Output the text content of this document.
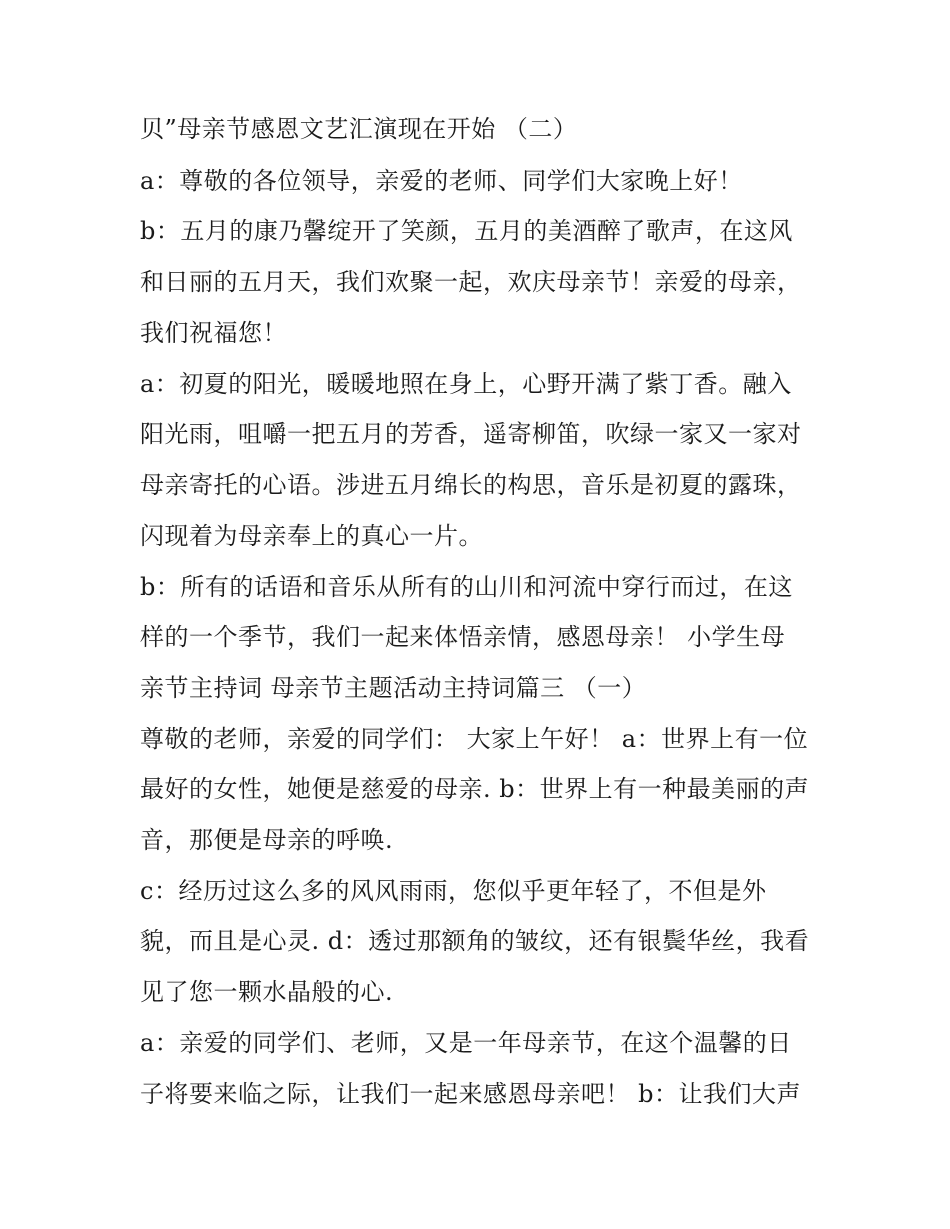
贝”母亲节感恩文艺汇演现在开始 （二）
a：尊敬的各位领导，亲爱的老师、同学们大家晚上好！
b：五月的康乃馨绽开了笑颜，五月的美酒醉了歌声，在这风
和日丽的五月天，我们欢聚一起，欢庆母亲节！亲爱的母亲，
我们祝福您！
a：初夏的阳光，暖暖地照在身上，心野开满了紫丁香。融入
阳光雨，咀嚼一把五月的芳香，遥寄柳笛，吹绿一家又一家对
母亲寄托的心语。涉进五月绵长的构思，音乐是初夏的露珠，
闪现着为母亲奉上的真心一片。
b：所有的话语和音乐从所有的山川和河流中穿行而过，在这
样的一个季节，我们一起来体悟亲情，感恩母亲！ 小学生母
亲节主持词 母亲节主题活动主持词篇三 （一）
尊敬的老师，亲爱的同学们： 大家上午好！ a：世界上有一位
最好的女性，她便是慈爱的母亲. b：世界上有一种最美丽的声
音，那便是母亲的呼唤.
c：经历过这么多的风风雨雨，您似乎更年轻了，不但是外
貌，而且是心灵. d：透过那额角的皱纹，还有银鬓华丝，我看
见了您一颗水晶般的心.
a：亲爱的同学们、老师，又是一年母亲节，在这个温馨的日
子将要来临之际，让我们一起来感恩母亲吧！ b：让我们大声
